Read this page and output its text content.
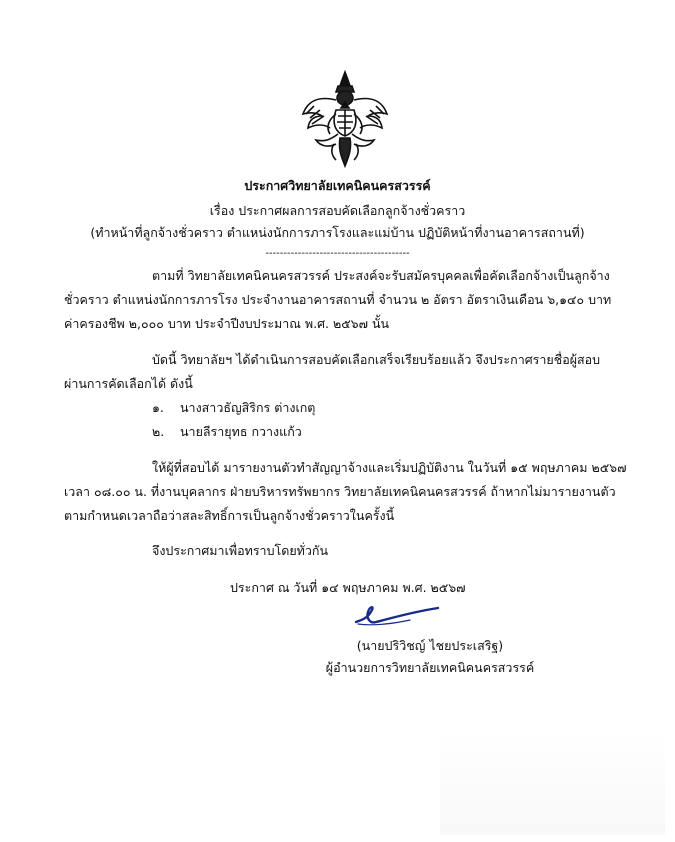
ประกาศวิทยาลัยเทคนิคนครสวรรค์
เรื่อง ประกาศผลการสอบคัดเลือกลูกจ้างชั่วคราว
(ทำหน้าที่ลูกจ้างชั่วคราว ตำแหน่งนักการภารโรงและแม่บ้าน ปฏิบัติหน้าที่งานอาคารสถานที่)
----------------------------------------
ตามที่ วิทยาลัยเทคนิคนครสวรรค์ ประสงค์จะรับสมัครบุคคลเพื่อคัดเลือกจ้างเป็นลูกจ้าง
ชั่วคราว ตำแหน่งนักการภารโรง ประจำงานอาคารสถานที่ จำนวน ๒ อัตรา อัตราเงินเดือน ๖,๑๔๐ บาท
ค่าครองชีพ ๒,๐๐๐ บาท ประจำปีงบประมาณ พ.ศ. ๒๕๖๗ นั้น
บัดนี้ วิทยาลัยฯ ได้ดำเนินการสอบคัดเลือกเสร็จเรียบร้อยแล้ว จึงประกาศรายชื่อผู้สอบ
ผ่านการคัดเลือกได้ ดังนี้
๑. นางสาวธัญสิริกร ต่างเกตุ
๒. นายลีรายุทธ กวางแก้ว
ให้ผู้ที่สอบได้ มารายงานตัวทำสัญญาจ้างและเริ่มปฏิบัติงาน ในวันที่ ๑๕ พฤษภาคม ๒๕๖๗
เวลา ๐๘.๐๐ น. ที่งานบุคลากร ฝ่ายบริหารทรัพยากร วิทยาลัยเทคนิคนครสวรรค์ ถ้าหากไม่มารายงานตัว
ตามกำหนดเวลาถือว่าสละสิทธิ์การเป็นลูกจ้างชั่วคราวในครั้งนี้
จึงประกาศมาเพื่อทราบโดยทั่วกัน
ประกาศ ณ วันที่ ๑๔ พฤษภาคม พ.ศ. ๒๕๖๗
(นายปริวิชญ์ ไชยประเสริฐ)
ผู้อำนวยการวิทยาลัยเทคนิคนครสวรรค์
